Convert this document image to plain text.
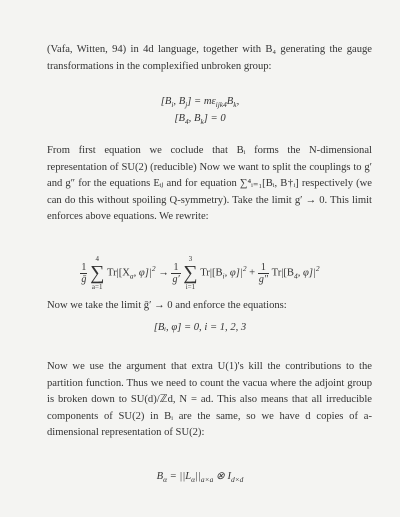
(Vafa, Witten, 94) in 4d language, together with B₄ generating the gauge transformations in the complexified unbroken group:

[$B_i$, $B_j] = m\varepsilon_{ijk4}B_k$,
[$B_4$, $B_k] = 0$

From first equation we coclude that Bᵢ forms the N-dimensional representation of SU(2) (reducible) Now we want to split the couplings to g′ and g″ for the equations Eᵢⱼ and for equation ∑⁴ᵢ₌₁[Bᵢ, B†ᵢ] respectively (we can do this without spoiling Q-symmetry). Take the limit g′ → 0. This limit enforces above equations. We rewrite:

$\frac{1}{\text{ḡ}}$

4
∑
a=1
$Tr|[X_a$, $\varphi]|^2 \to \frac{1}{g'}$

3
∑
i=1
$Tr|[B_i$, $\varphi]|^2 + \frac{1}{g''} Tr|[B_4$, $\varphi]|^2$

Now we take the limit ḡ′ → 0 and enforce the equations:

[Bᵢ, φ] = 0, i = 1, 2, 3

Now we use the argument that extra U(1)'s kill the contributions to the partition function. Thus we need to count the vacua where the adjoint group is broken down to SU(d)/ℤd, N = ad. This also means that all irreducible components of SU(2) in Bᵢ are the same, so we have d copies of a-dimensional representation of SU(2):

$B_\alpha = ||L_\alpha||_{a\times a}$ ⊗ $I_{d\times d}$
